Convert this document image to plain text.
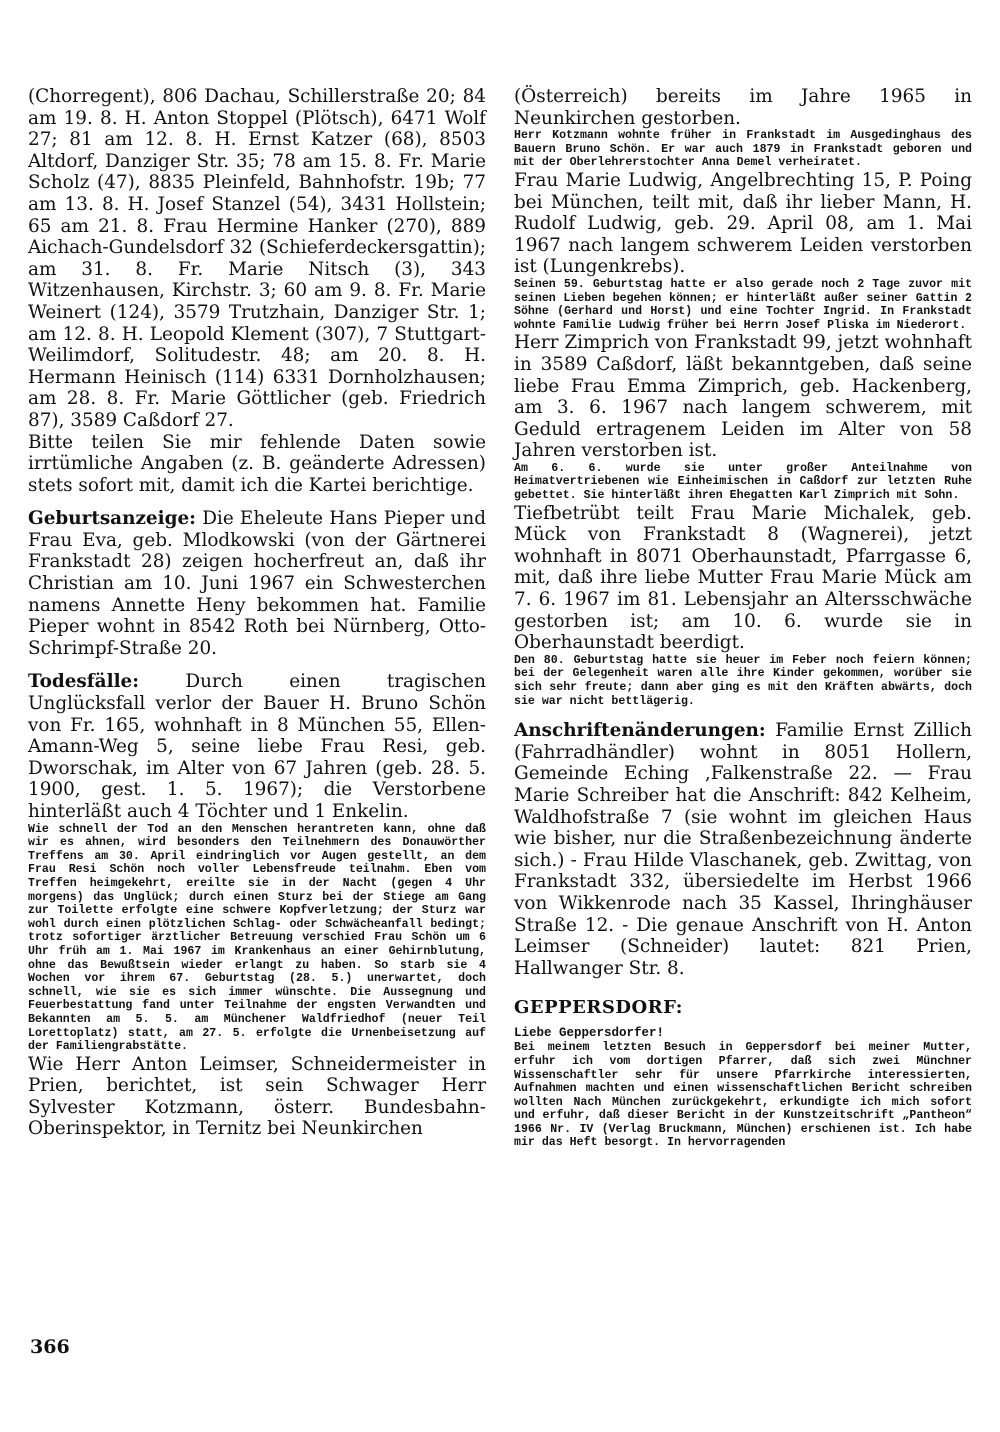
(Chorregent), 806 Dachau, Schillerstraße 20; 84 am 19. 8. H. Anton Stoppel (Plötsch), 6471 Wolf 27; 81 am 12. 8. H. Ernst Katzer (68), 8503 Altdorf, Danziger Str. 35; 78 am 15. 8. Fr. Marie Scholz (47), 8835 Pleinfeld, Bahnhofstr. 19b; 77 am 13. 8. H. Josef Stanzel (54), 3431 Hollstein; 65 am 21. 8. Frau Hermine Hanker (270), 889 Aichach-Gundelsdorf 32 (Schieferdeckersgattin); am 31. 8. Fr. Marie Nitsch (3), 343 Witzenhausen, Kirchstr. 3; 60 am 9. 8. Fr. Marie Weinert (124), 3579 Trutzhain, Danziger Str. 1; am 12. 8. H. Leopold Klement (307), 7 Stuttgart-Weilimdorf, Solitudestr. 48; am 20. 8. H. Hermann Heinisch (114) 6331 Dornholzhausen; am 28. 8. Fr. Marie Göttlicher (geb. Friedrich 87), 3589 Caßdorf 27.

Bitte teilen Sie mir fehlende Daten sowie irrtümliche Angaben (z. B. geänderte Adressen) stets sofort mit, damit ich die Kartei berichtige.

Geburtsanzeige: Die Eheleute Hans Pieper und Frau Eva, geb. Mlodkowski (von der Gärtnerei Frankstadt 28) zeigen hocherfreut an, daß ihr Christian am 10. Juni 1967 ein Schwesterchen namens Annette Heny bekommen hat. Familie Pieper wohnt in 8542 Roth bei Nürnberg, Otto-Schrimpf-Straße 20.

Todesfälle:	Durch einen tragischen Unglücksfall verlor der Bauer H. Bruno Schön von Fr. 165, wohnhaft in 8 München 55, Ellen-Amann-Weg 5, seine liebe Frau Resi, geb. Dworschak, im Alter von 67 Jahren (geb. 28. 5. 1900, gest. 1. 5. 1967); die Verstorbene hinterläßt auch 4 Töchter und 1 Enkelin.

Wie schnell der Tod an den Menschen herantreten kann, ohne daß wir es ahnen, wird besonders den Teilnehmern des Donauwörther Treffens am 30. April eindringlich vor Augen gestellt, an dem Frau Resi Schön noch voller Lebensfreude teilnahm. Eben vom Treffen heimgekehrt, ereilte sie in der Nacht (gegen 4 Uhr morgens) das Unglück; durch einen Sturz bei der Stiege am Gang zur Toilette erfolgte eine schwere Kopfverletzung; der Sturz war wohl durch einen plötzlichen Schlag- oder Schwächeanfall bedingt; trotz sofortiger ärztlicher Betreuung verschied Frau Schön um 6 Uhr früh am 1. Mai 1967 im Krankenhaus an einer Gehirnblutung, ohne das Bewußtsein wieder erlangt zu haben. So starb sie 4 Wochen vor ihrem 67. Geburtstag (28. 5.) unerwartet, doch schnell, wie sie es sich immer wünschte. Die Aussegnung und Feuerbestattung fand unter Teilnahme der engsten Verwandten und Bekannten am 5. 5. am Münchener Waldfriedhof (neuer Teil Lorettoplatz) statt, am 27. 5. erfolgte die Urnenbeisetzung auf der Familiengrabstätte.

Wie Herr Anton Leimser, Schneidermeister in Prien, berichtet, ist sein Schwager Herr Sylvester Kotzmann, österr. Bundesbahn-Oberinspektor, in Ternitz bei Neunkirchen

(Österreich) bereits im Jahre 1965 in Neunkirchen gestorben.

Herr Kotzmann wohnte früher in Frankstadt im Ausgedinghaus des Bauern Bruno Schön. Er war auch 1879 in Frankstadt geboren und mit der Oberlehrerstochter Anna Demel verheiratet.

Frau Marie Ludwig, Angelbrechting 15, P. Poing bei München, teilt mit, daß ihr lieber Mann, H. Rudolf Ludwig, geb. 29. April 08, am 1. Mai 1967 nach langem schwerem Leiden verstorben ist (Lungenkrebs).

Seinen 59. Geburtstag hatte er also gerade noch 2 Tage zuvor mit seinen Lieben begehen können; er hinterläßt außer seiner Gattin 2 Söhne (Gerhard und Horst) und eine Tochter Ingrid. In Frankstadt wohnte Familie Ludwig früher bei Herrn Josef Pliska im Niederort.

Herr Zimprich von Frankstadt 99, jetzt wohnhaft in 3589 Caßdorf, läßt bekanntgeben, daß seine liebe Frau Emma Zimprich, geb. Hackenberg, am 3. 6. 1967 nach langem schwerem, mit Geduld ertragenem Leiden im Alter von 58 Jahren verstorben ist.

Am 6. 6. wurde sie unter großer Anteilnahme von Heimatvertriebenen wie Einheimischen in Caßdorf zur letzten Ruhe gebettet. Sie hinterläßt ihren Ehegatten Karl Zimprich mit Sohn.

Tiefbetrübt teilt Frau Marie Michalek, geb. Mück von Frankstadt 8 (Wagnerei), jetzt wohnhaft in 8071 Oberhaunstadt, Pfarrgasse 6, mit, daß ihre liebe Mutter Frau Marie Mück am 7. 6. 1967 im 81. Lebensjahr an Altersschwäche gestorben ist; am 10. 6. wurde sie in Oberhaunstadt beerdigt.

Den 80. Geburtstag hatte sie heuer im Feber noch feiern können; bei der Gelegenheit waren alle ihre Kinder gekommen, worüber sie sich sehr freute; dann aber ging es mit den Kräften abwärts, doch sie war nicht bettlägerig.

Anschriftenänderungen: Familie Ernst Zillich (Fahrradhändler) wohnt in 8051 Hollern, Gemeinde Eching ,Falkenstraße 22. — Frau Marie Schreiber hat die Anschrift: 842 Kelheim, Waldhofstraße 7 (sie wohnt im gleichen Haus wie bisher, nur die Straßenbezeichnung änderte sich.) - Frau Hilde Vlaschanek, geb. Zwittag, von Frankstadt 332, übersiedelte im Herbst 1966 von Wikkenrode nach 35 Kassel, Ihringhäuser Straße 12. - Die genaue Anschrift von H. Anton Leimser (Schneider) lautet: 821 Prien, Hallwanger Str. 8.

GEPPERSDORF:

Liebe Geppersdorfer!

Bei meinem letzten Besuch in Geppersdorf bei meiner Mutter, erfuhr ich vom dortigen Pfarrer, daß sich zwei Münchner Wissenschaftler sehr für unsere Pfarrkirche interessierten, Aufnahmen machten und einen wissenschaftlichen Bericht schreiben wollten Nach München zurückgekehrt, erkundigte ich mich sofort und erfuhr, daß dieser Bericht in der Kunstzeitschrift „Pantheon“ 1966 Nr. IV (Verlag Bruckmann, München) erschienen ist. Ich habe mir das Heft besorgt. In hervorragenden

366
